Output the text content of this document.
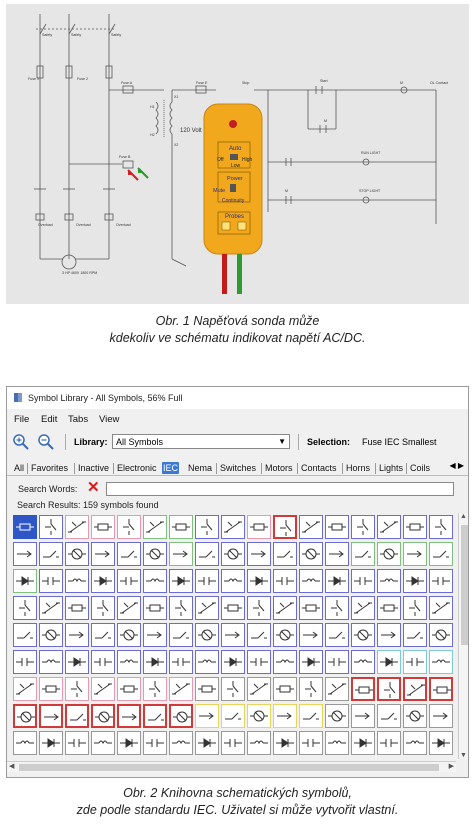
Safety	Safety	Safety
Fuse 1	Fuse 2
Fuse A
Fuse B
Fuse E	Stop	Start	OL Contact
M
M
M
RUN LIGHT
STOP LIGHT
120 Volt
Overload	Overload	Overload
3 HP 460V 1800 RPM
X1
X2
H1
H2
Auto
Off	High
Low
Power
Mute
Continuity
Probes
Obr. 1 Napěťová sonda může
kdekoliv ve schématu indikovat napětí AC/DC.
Symbol Library - All Symbols, 56% Full
File Edit Tabs View
Library: All Symbols	▼ Selection: Fuse IEC Smallest
All Favorites Inactive Electronic IEC Nema Switches Motors Contacts Horns Lights Coils ◀ ▶
Search Words: ✕
Search Results: 159 symbols found
▲
▼
◀	▶
Obr. 2 Knihovna schematických symbolů,
zde podle standardu IEC. Uživatel si může vytvořit vlastní.
